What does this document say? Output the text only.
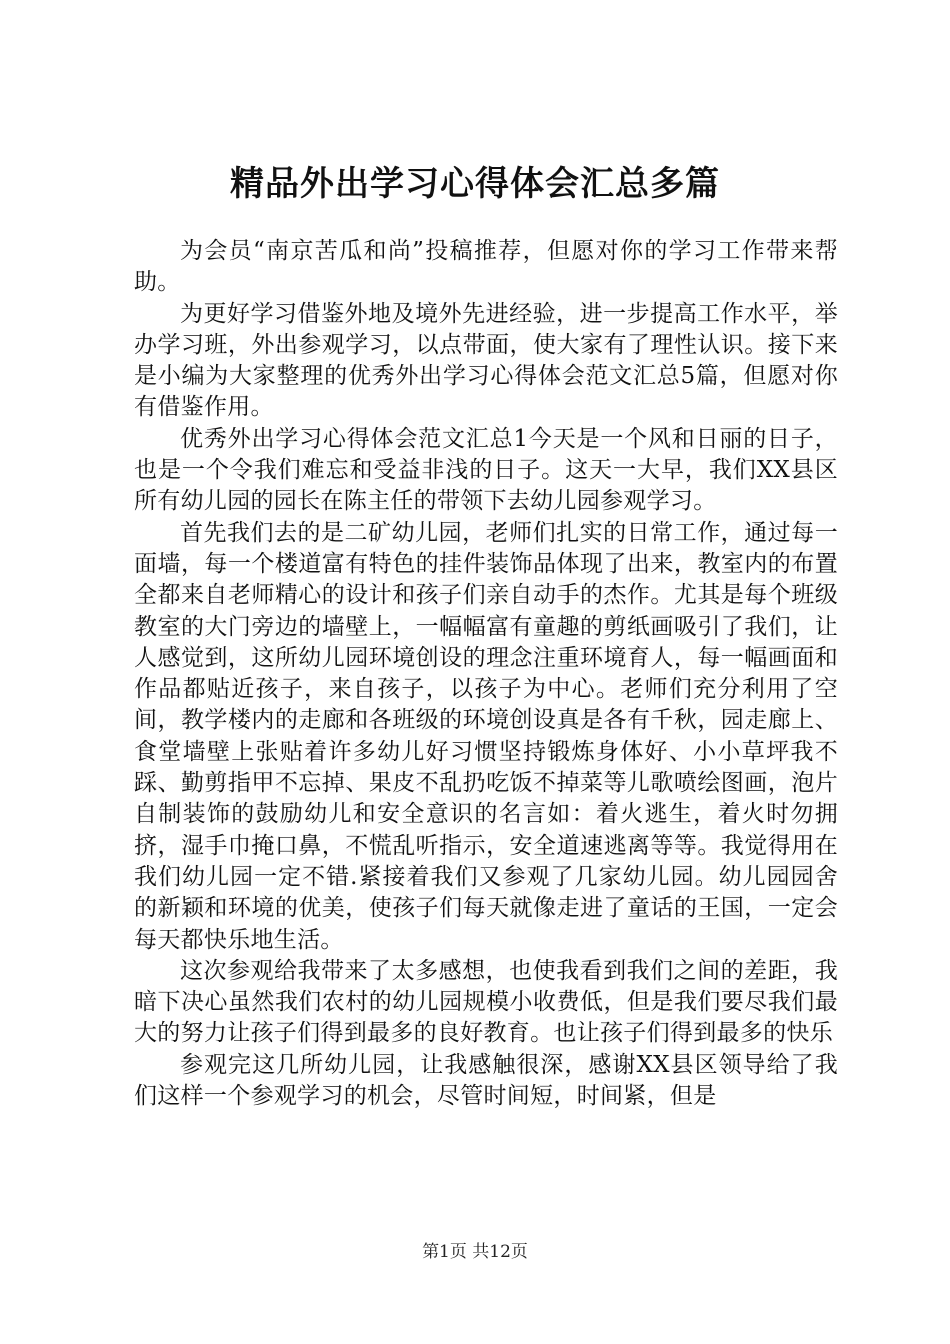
精品外出学习心得体会汇总多篇

为会员“南京苦瓜和尚”投稿推荐，但愿对你的学习工作带来帮助。

为更好学习借鉴外地及境外先进经验，进一步提高工作水平，举办学习班，外出参观学习，以点带面，使大家有了理性认识。接下来是小编为大家整理的优秀外出学习心得体会范文汇总5篇，但愿对你有借鉴作用。

优秀外出学习心得体会范文汇总1今天是一个风和日丽的日子，也是一个令我们难忘和受益非浅的日子。这天一大早，我们XX县区所有幼儿园的园长在陈主任的带领下去幼儿园参观学习。

首先我们去的是二矿幼儿园，老师们扎实的日常工作，通过每一面墙，每一个楼道富有特色的挂件装饰品体现了出来，教室内的布置全都来自老师精心的设计和孩子们亲自动手的杰作。尤其是每个班级教室的大门旁边的墙壁上，一幅幅富有童趣的剪纸画吸引了我们，让人感觉到，这所幼儿园环境创设的理念注重环境育人，每一幅画面和作品都贴近孩子，来自孩子，以孩子为中心。老师们充分利用了空间，教学楼内的走廊和各班级的环境创设真是各有千秋，园走廊上、食堂墙壁上张贴着许多幼儿好习惯坚持锻炼身体好、小小草坪我不踩、勤剪指甲不忘掉、果皮不乱扔吃饭不掉菜等儿歌喷绘图画，泡片自制装饰的鼓励幼儿和安全意识的名言如：着火逃生，着火时勿拥挤，湿手巾掩口鼻，不慌乱听指示，安全道速逃离等等。我觉得用在我们幼儿园一定不错.紧接着我们又参观了几家幼儿园。幼儿园园舍的新颖和环境的优美，使孩子们每天就像走进了童话的王国，一定会每天都快乐地生活。

这次参观给我带来了太多感想，也使我看到我们之间的差距，我暗下决心虽然我们农村的幼儿园规模小收费低，但是我们要尽我们最大的努力让孩子们得到最多的良好教育。也让孩子们得到最多的快乐

参观完这几所幼儿园，让我感触很深，感谢XX县区领导给了我们这样一个参观学习的机会，尽管时间短，时间紧，但是

第1页 共12页
